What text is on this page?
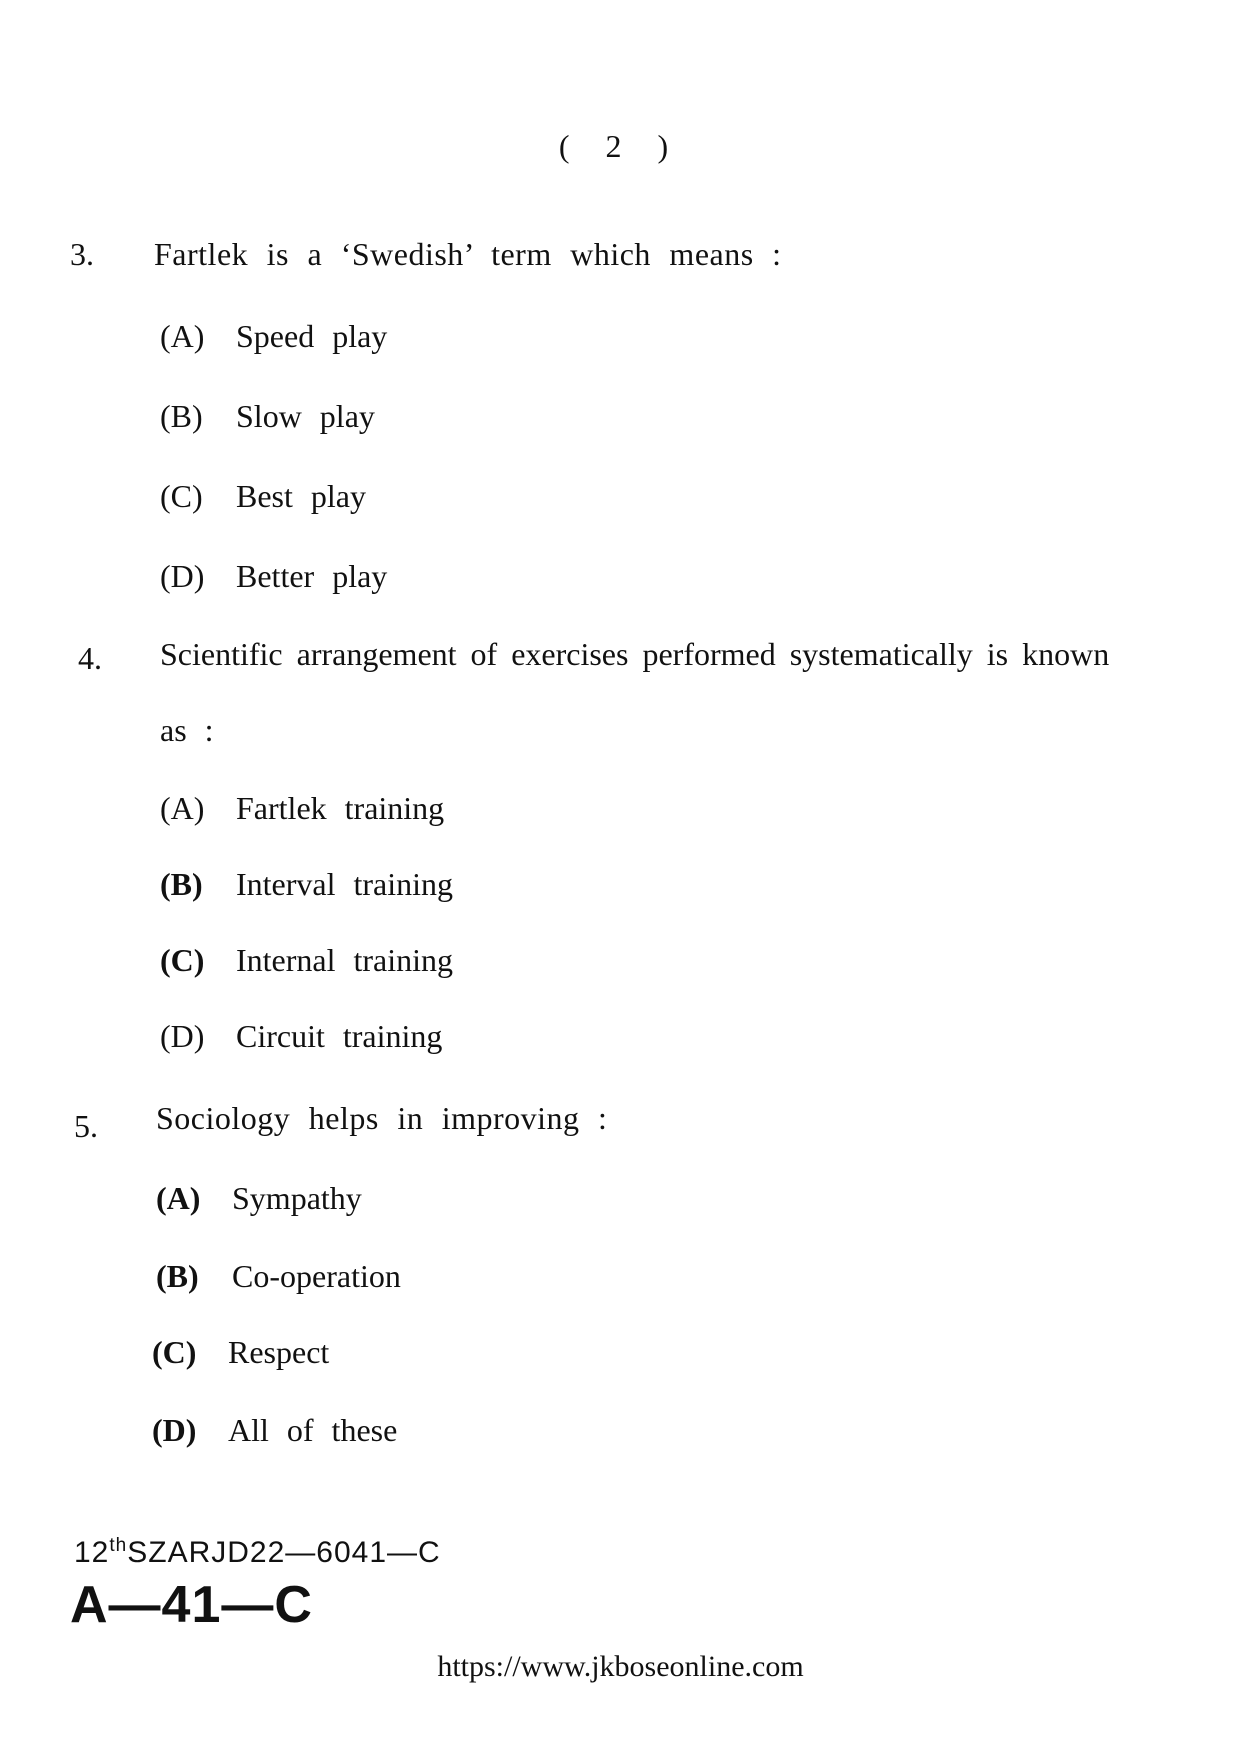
( 2 )
3. Fartlek is a ‘Swedish’ term which means :
(A) Speed play
(B) Slow play
(C) Best play
(D) Better play
4. Scientific arrangement of exercises performed systematically is known
as :
(A) Fartlek training
(B) Interval training
(C) Internal training
(D) Circuit training
5. Sociology helps in improving :
(A) Sympathy
(B) Co-operation
(C) Respect
(D) All of these
12thSZARJD22—6041—C
A—41—C
https://www.jkboseonline.com
